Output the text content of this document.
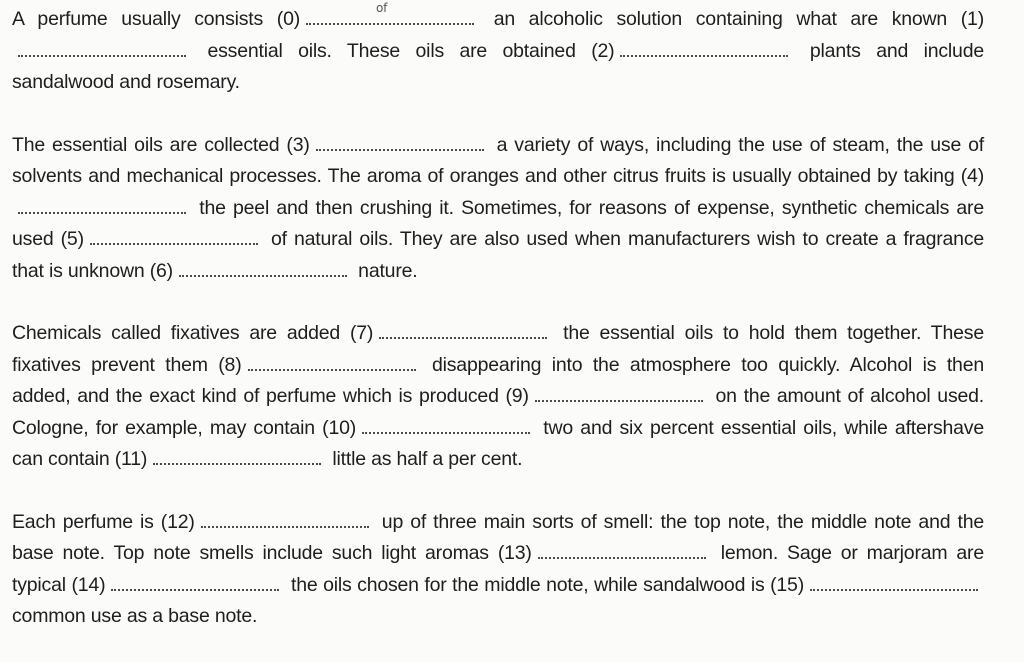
A perfume usually consists (0)	of	an alcoholic solution containing what are known (1) essential oils. These oils are obtained (2)	plants and include sandalwood and rosemary.

The essential oils are collected (3)	a variety of ways, including the use of steam, the use of solvents and mechanical processes. The aroma of oranges and other citrus fruits is usually obtained by taking (4) the peel and then crushing it. Sometimes, for reasons of expense, synthetic chemicals are used (5)	of natural oils. They are also used when manufacturers wish to create a fragrance that is unknown (6)	nature.

Chemicals called fixatives are added (7)	the essential oils to hold them together. These fixatives prevent them (8)	disappearing into the atmosphere too quickly. Alcohol is then added, and the exact kind of perfume which is produced (9)	on the amount of alcohol used. Cologne, for example, may contain (10)	two and six percent essential oils, while aftershave can contain (11)	little as half a per cent.

Each perfume is (12)	up of three main sorts of smell: the top note, the middle note and the base note. Top note smells include such light aromas (13)	lemon. Sage or marjoram are typical (14)	the oils chosen for the middle note, while sandalwood is (15) common use as a base note.
